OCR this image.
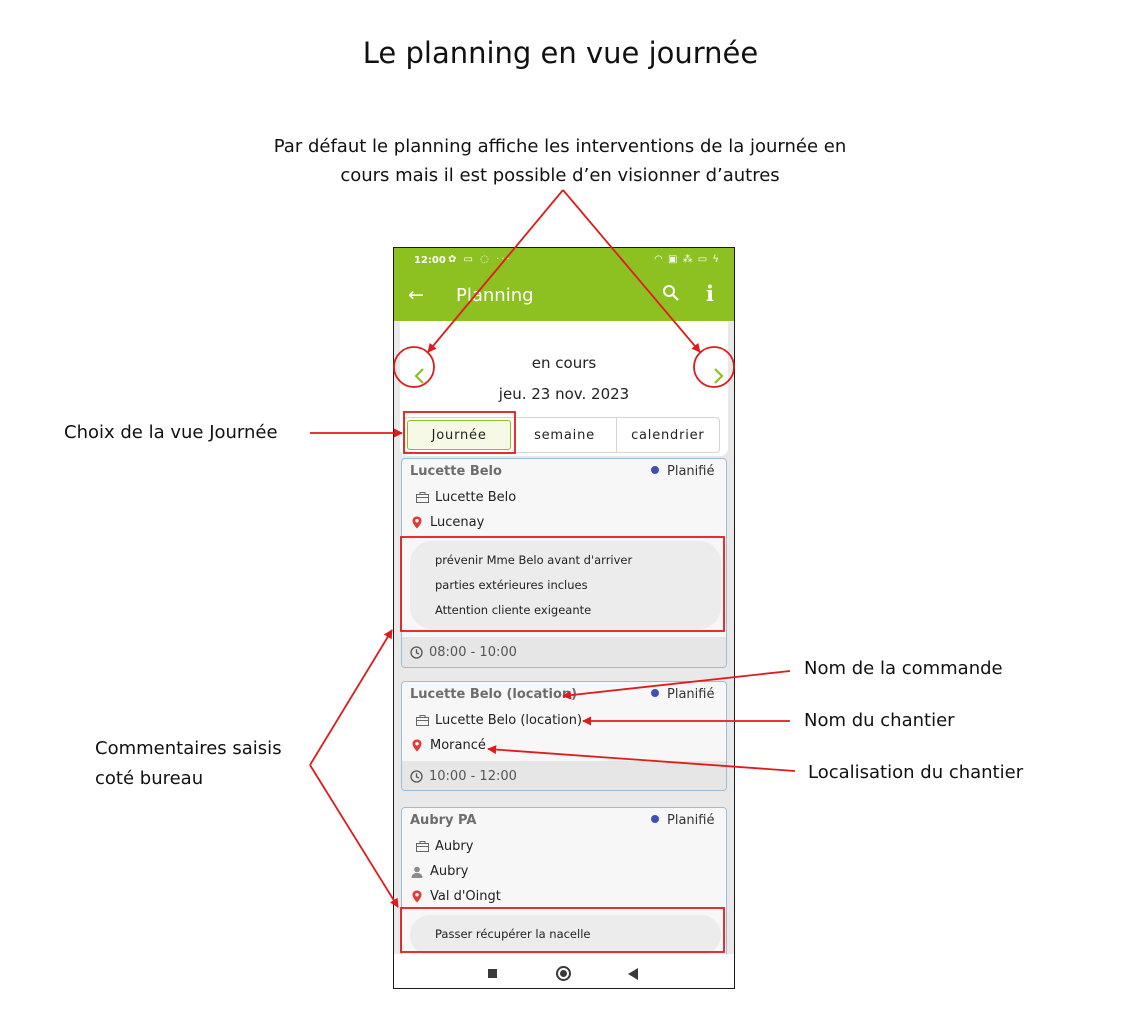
Le planning en vue journée
Par défaut le planning affiche les interventions de la journée en
cours mais il est possible d’en visionner d’autres
Choix de la vue Journée
Commentaires saisis
coté bureau
Nom de la commande
Nom du chantier
Localisation du chantier
12:00 ✿ ▭ ◌ ···	◠ ▣ ⁂ ▭ ϟ
← Planning	i
en cours
jeu. 23 nov. 2023
Journée	semaine	calendrier
Lucette Belo	Planifié
Lucette Belo
Lucenay
prévenir Mme Belo avant d'arriver
parties extérieures inclues
Attention cliente exigeante
08:00 - 10:00
Lucette Belo (location)	Planifié
Lucette Belo (location)
Morancé
10:00 - 12:00
Aubry PA	Planifié
Aubry
Aubry
Val d'Oingt
Passer récupérer la nacelle
